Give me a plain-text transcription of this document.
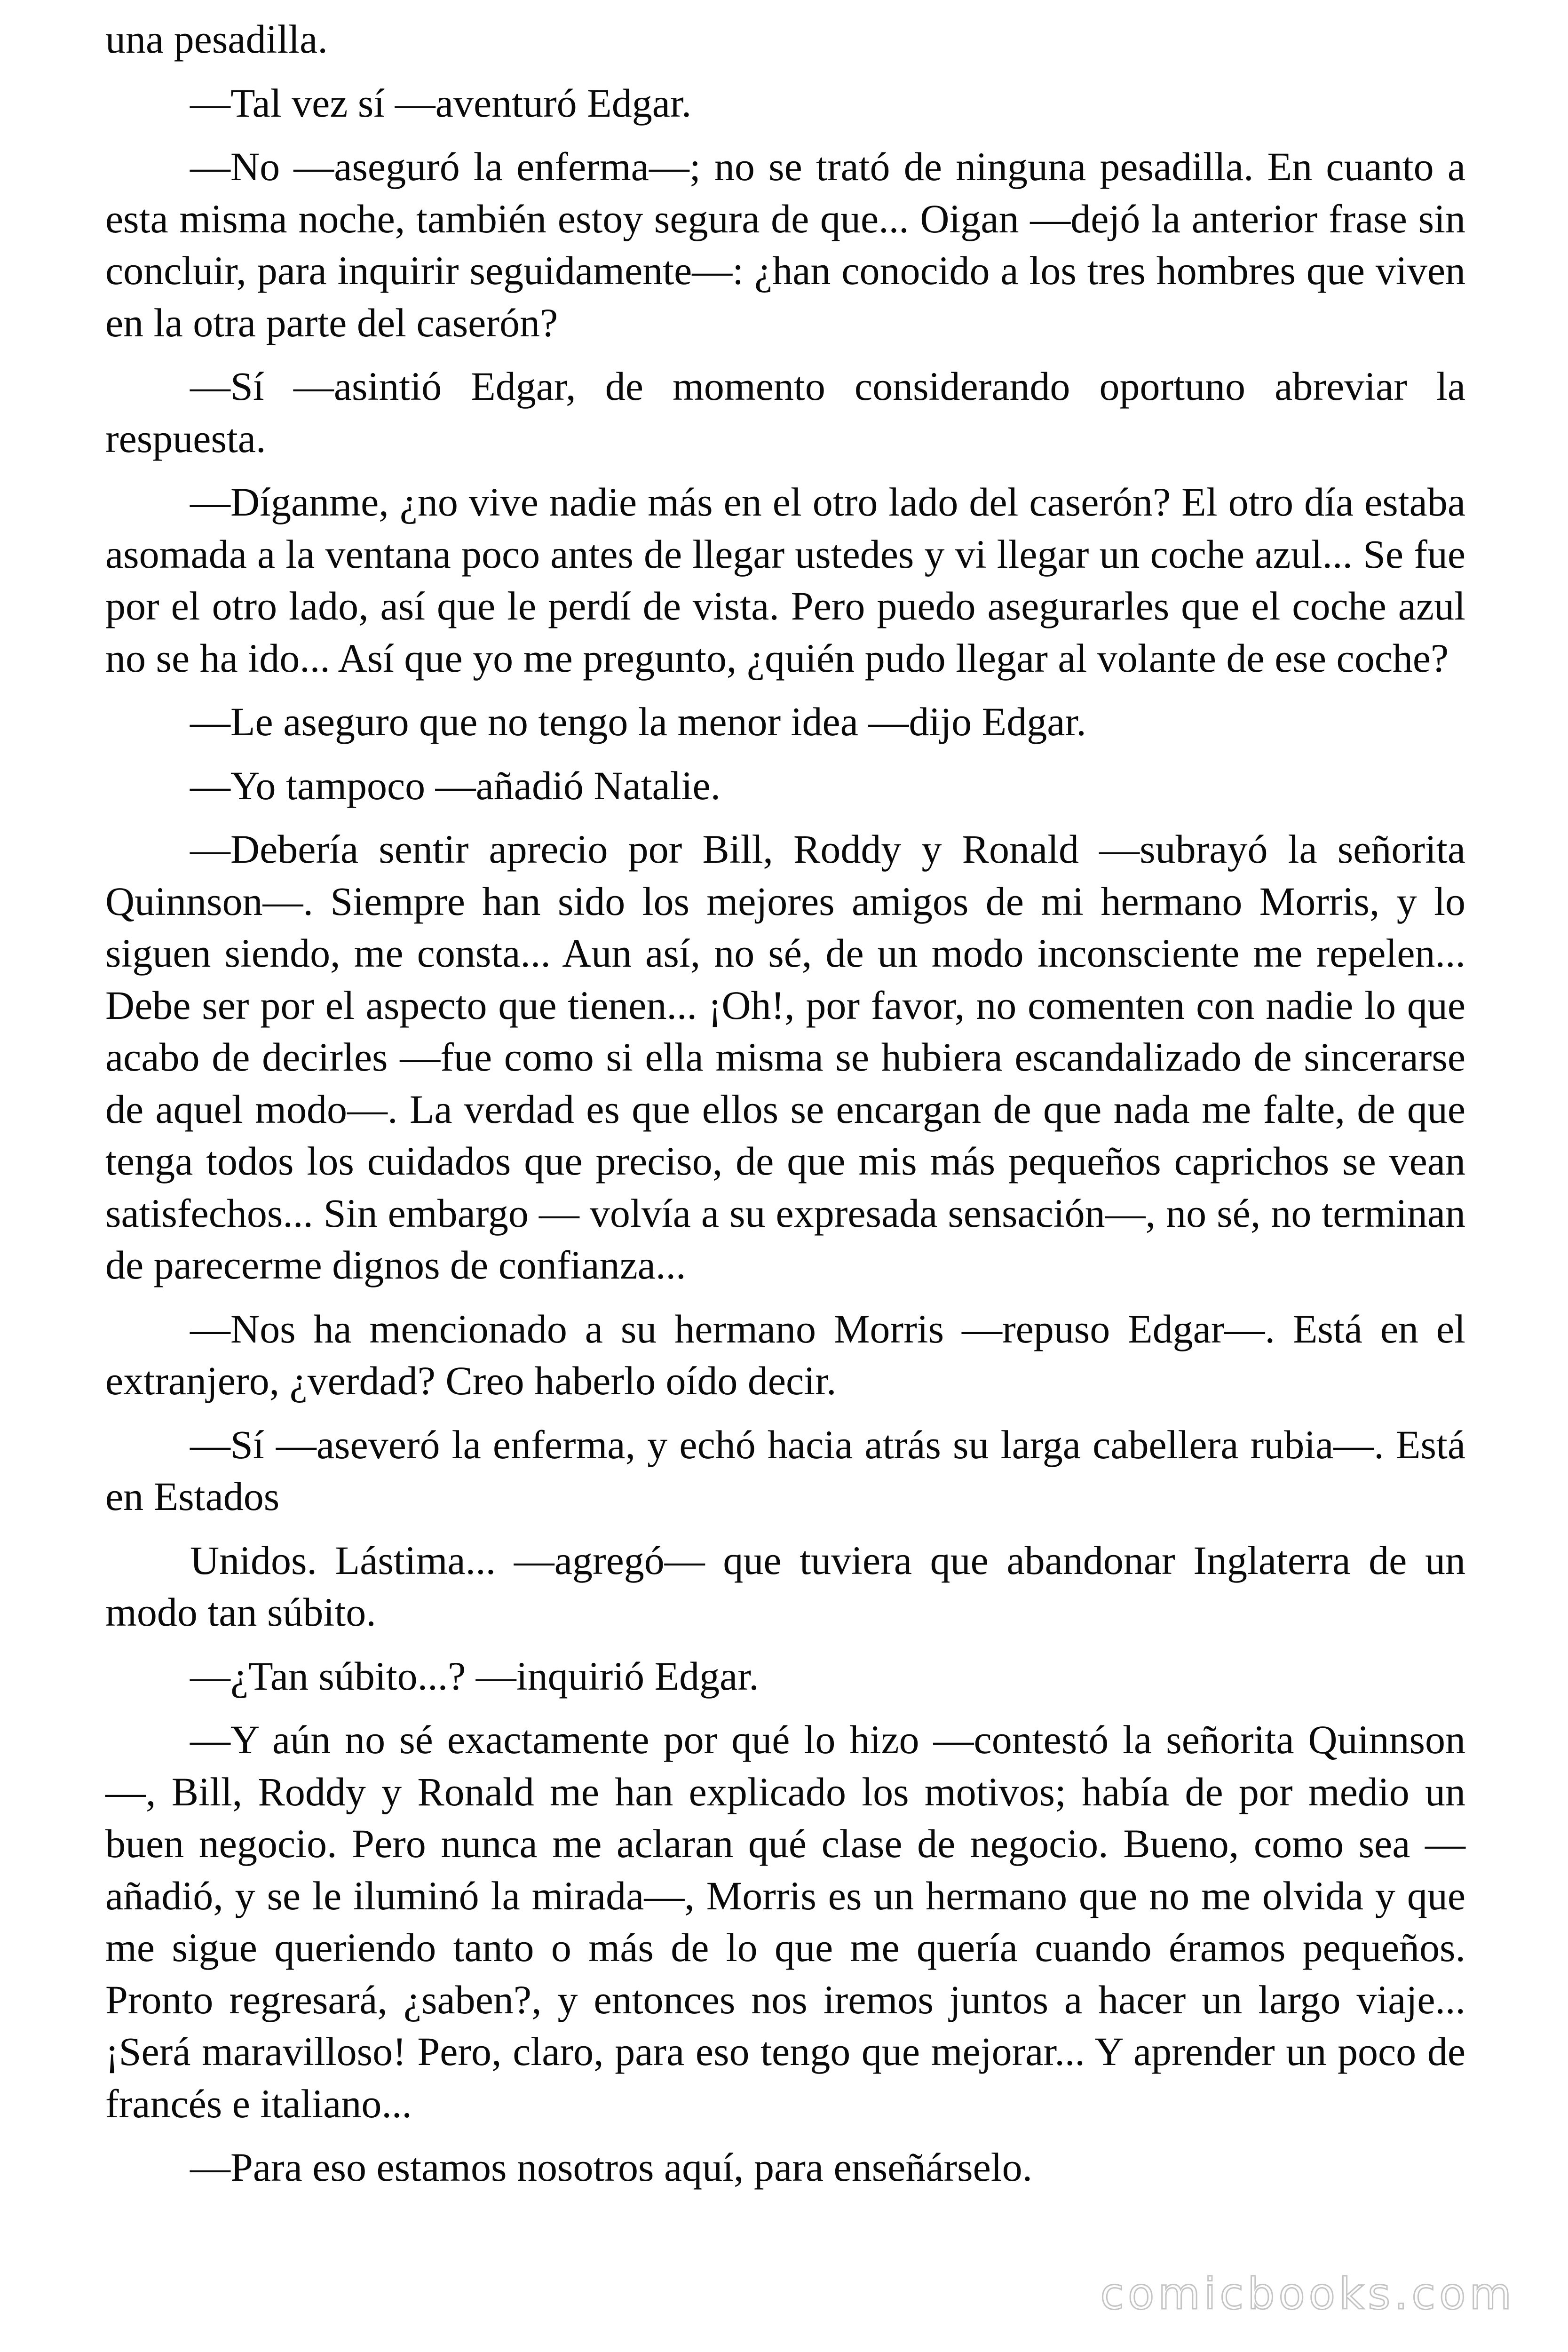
una pesadilla.

—Tal vez sí —aventuró Edgar.

—No —aseguró la enferma—; no se trató de ninguna pesadilla. En cuanto a esta misma noche, también estoy segura de que... Oigan —dejó la anterior frase sin concluir, para inquirir seguidamente—: ¿han conocido a los tres hombres que viven en la otra parte del caserón?

—Sí —asintió Edgar, de momento considerando oportuno abreviar la respuesta.

—Díganme, ¿no vive nadie más en el otro lado del caserón? El otro día estaba asomada a la ventana poco antes de llegar ustedes y vi llegar un coche azul... Se fue por el otro lado, así que le perdí de vista. Pero puedo asegurarles que el coche azul no se ha ido... Así que yo me pregunto, ¿quién pudo llegar al volante de ese coche?

—Le aseguro que no tengo la menor idea —dijo Edgar.

—Yo tampoco —añadió Natalie.

—Debería sentir aprecio por Bill, Roddy y Ronald —subrayó la señorita Quinnson—. Siempre han sido los mejores amigos de mi hermano Morris, y lo siguen siendo, me consta... Aun así, no sé, de un modo inconsciente me repelen... Debe ser por el aspecto que tienen... ¡Oh!, por favor, no comenten con nadie lo que acabo de decirles —fue como si ella misma se hubiera escandalizado de sincerarse de aquel modo—. La verdad es que ellos se encargan de que nada me falte, de que tenga todos los cuidados que preciso, de que mis más pequeños caprichos se vean satisfechos... Sin embargo — volvía a su expresada sensación—, no sé, no terminan de parecerme dignos de confianza...

—Nos ha mencionado a su hermano Morris —repuso Edgar—. Está en el extranjero, ¿verdad? Creo haberlo oído decir.

—Sí —aseveró la enferma, y echó hacia atrás su larga cabellera rubia—. Está en Estados

Unidos. Lástima... —agregó— que tuviera que abandonar Inglaterra de un modo tan súbito.

—¿Tan súbito...? —inquirió Edgar.

—Y aún no sé exactamente por qué lo hizo —contestó la señorita Quinnson—, Bill, Roddy y Ronald me han explicado los motivos; había de por medio un buen negocio. Pero nunca me aclaran qué clase de negocio. Bueno, como sea —añadió, y se le iluminó la mirada—, Morris es un hermano que no me olvida y que me sigue queriendo tanto o más de lo que me quería cuando éramos pequeños. Pronto regresará, ¿saben?, y entonces nos iremos juntos a hacer un largo viaje... ¡Será maravilloso! Pero, claro, para eso tengo que mejorar... Y aprender un poco de francés e italiano...

—Para eso estamos nosotros aquí, para enseñárselo.

comicbooks.com
